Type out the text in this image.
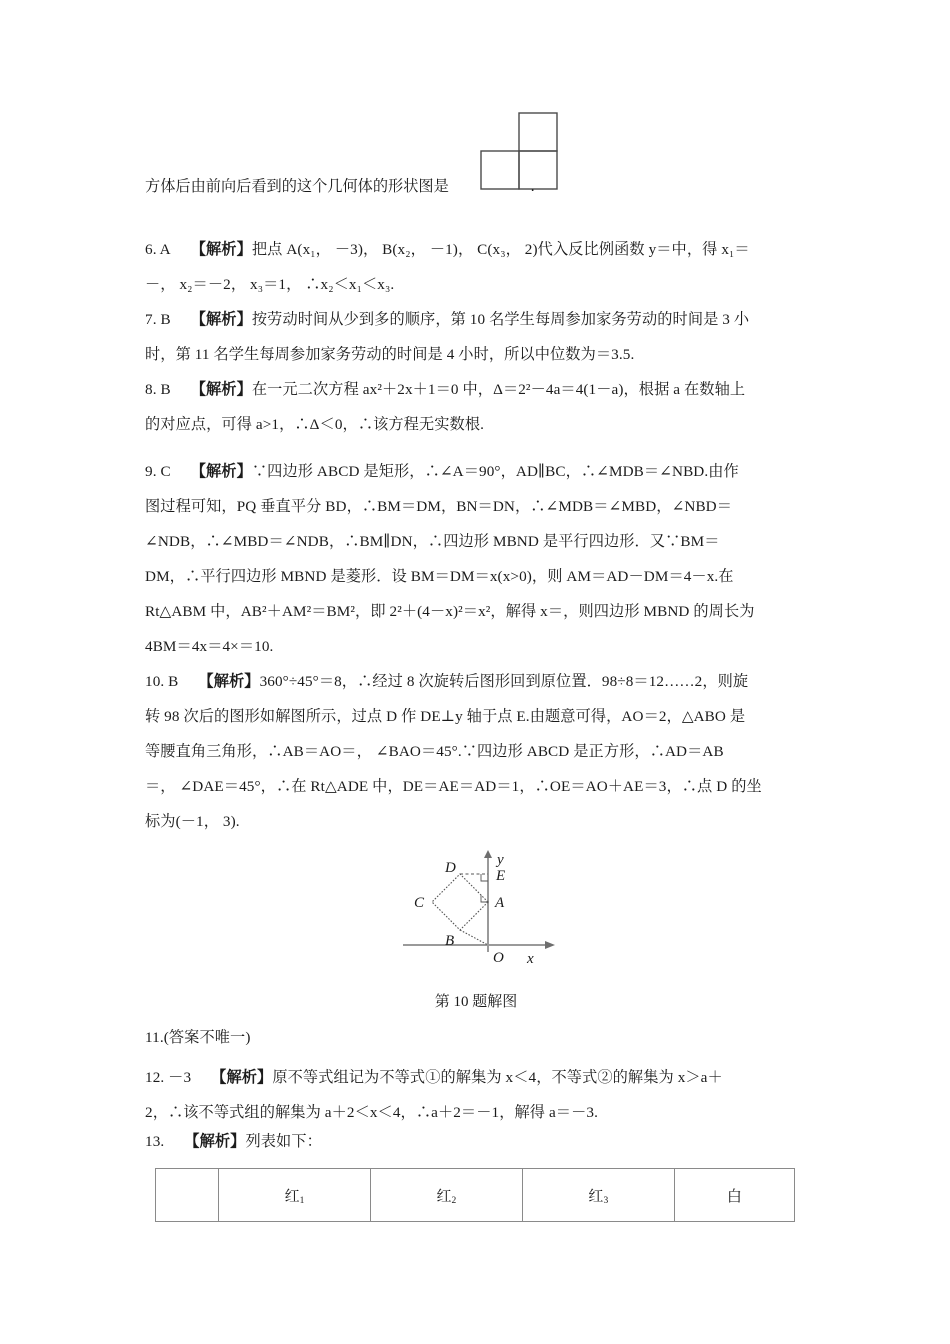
方体后由前向后看到的这个几何体的形状图是	.
6. A 【解析】把点 A(x₁， －3)， B(x₂， －1)， C(x₃， 2)代入反比例函数 y＝中，得 x₁＝
－， x₂＝－2， x₃＝1， ∴x₂＜x₁＜x₃.
7. B 【解析】按劳动时间从少到多的顺序，第 10 名学生每周参加家务劳动的时间是 3 小
时，第 11 名学生每周参加家务劳动的时间是 4 小时，所以中位数为＝3.5.
8. B 【解析】在一元二次方程 ax²＋2x＋1＝0 中，Δ＝2²－4a＝4(1－a)，根据 a 在数轴上
的对应点，可得 a>1，∴Δ＜0，∴该方程无实数根.
9. C 【解析】∵四边形 ABCD 是矩形，∴∠A＝90°，AD∥BC，∴∠MDB＝∠NBD.由作
图过程可知，PQ 垂直平分 BD，∴BM＝DM，BN＝DN，∴∠MDB＝∠MBD，∠NBD＝
∠NDB，∴∠MBD＝∠NDB，∴BM∥DN，∴四边形 MBND 是平行四边形．又∵BM＝
DM，∴平行四边形 MBND 是菱形．设 BM＝DM＝x(x>0)，则 AM＝AD－DM＝4－x.在
Rt△ABM 中，AB²＋AM²＝BM²，即 2²＋(4－x)²＝x²，解得 x＝，则四边形 MBND 的周长为
4BM＝4x＝4×＝10.
10. B 【解析】360°÷45°＝8，∴经过 8 次旋转后图形回到原位置．98÷8＝12……2，则旋
转 98 次后的图形如解图所示，过点 D 作 DE⊥y 轴于点 E.由题意可得，AO＝2，△ABO 是
等腰直角三角形，∴AB＝AO＝， ∠BAO＝45°.∵四边形 ABCD 是正方形，∴AD＝AB
＝， ∠DAE＝45°，∴在 Rt△ADE 中，DE＝AE＝AD＝1，∴OE＝AO＋AE＝3，∴点 D 的坐
标为(－1， 3).
D	E
C	A
B
O x
y
第 10 题解图
11.(答案不唯一)
12. －3 【解析】原不等式组记为不等式①的解集为 x＜4，不等式②的解集为 x＞a＋
2，∴该不等式组的解集为 a＋2＜x＜4，∴a＋2＝－1，解得 a＝－3.
13. 【解析】列表如下：
	红$_1$	红$_2$	红$_3$	白
